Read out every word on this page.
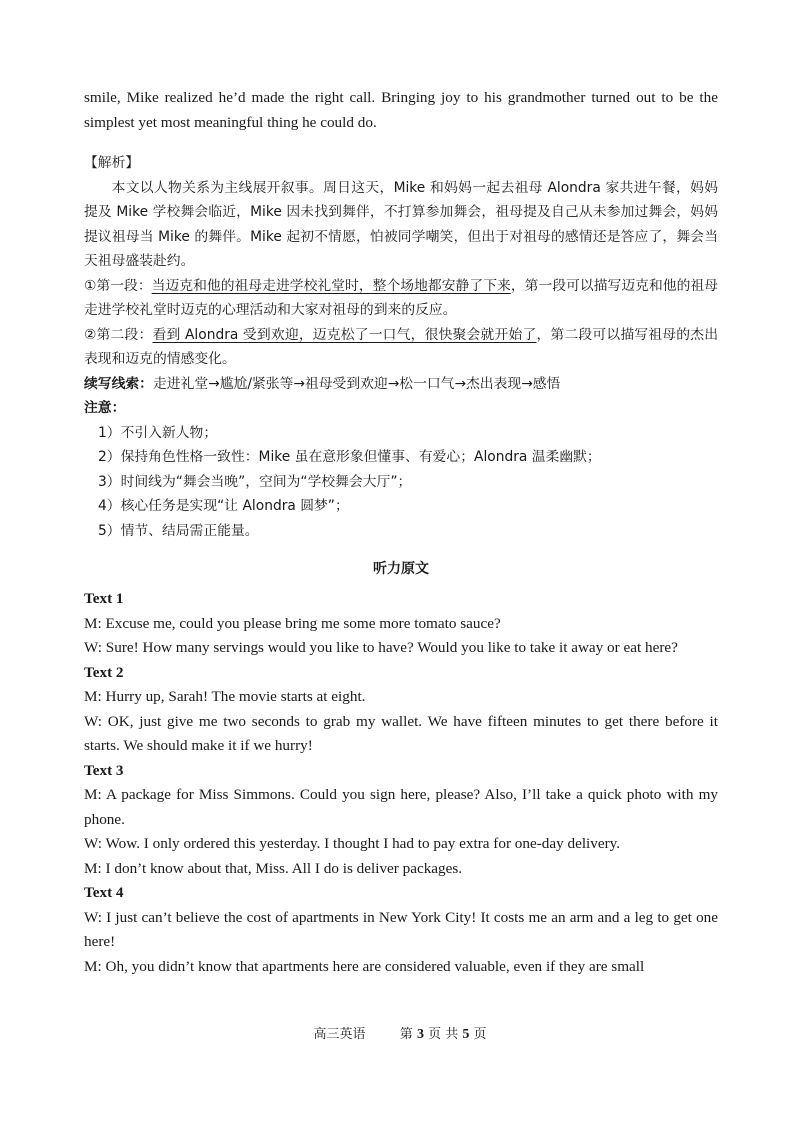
smile, Mike realized he’d made the right call. Bringing joy to his grandmother turned out to be the simplest yet most meaningful thing he could do.

【解析】

本文以人物关系为主线展开叙事。周日这天，Mike 和妈妈一起去祖母 Alondra 家共进午餐，妈妈提及 Mike 学校舞会临近，Mike 因未找到舞伴，不打算参加舞会，祖母提及自己从未参加过舞会，妈妈提议祖母当 Mike 的舞伴。Mike 起初不情愿，怕被同学嘲笑，但出于对祖母的感情还是答应了，舞会当天祖母盛装赴约。

①第一段：当迈克和他的祖母走进学校礼堂时，整个场地都安静了下来，第一段可以描写迈克和他的祖母走进学校礼堂时迈克的心理活动和大家对祖母的到来的反应。

②第二段：看到 Alondra 受到欢迎，迈克松了一口气，很快聚会就开始了，第二段可以描写祖母的杰出表现和迈克的情感变化。

续写线索：走进礼堂→尴尬/紧张等→祖母受到欢迎→松一口气→杰出表现→感悟

注意：

1）不引入新人物；

2）保持角色性格一致性：Mike 虽在意形象但懂事、有爱心；Alondra 温柔幽默；

3）时间线为“舞会当晚”，空间为“学校舞会大厅”；

4）核心任务是实现“让 Alondra 圆梦”；

5）情节、结局需正能量。

听力原文

Text 1

M: Excuse me, could you please bring me some more tomato sauce?

W: Sure! How many servings would you like to have? Would you like to take it away or eat here?

Text 2

M: Hurry up, Sarah! The movie starts at eight.

W: OK, just give me two seconds to grab my wallet. We have fifteen minutes to get there before it starts. We should make it if we hurry!

Text 3

M: A package for Miss Simmons. Could you sign here, please? Also, I’ll take a quick photo with my phone.

W: Wow. I only ordered this yesterday. I thought I had to pay extra for one-day delivery.

M: I don’t know about that, Miss. All I do is deliver packages.

Text 4

W: I just can’t believe the cost of apartments in New York City! It costs me an arm and a leg to get one here!

M: Oh, you didn’t know that apartments here are considered valuable, even if they are small

高三英语	第 3 页 共 5 页
